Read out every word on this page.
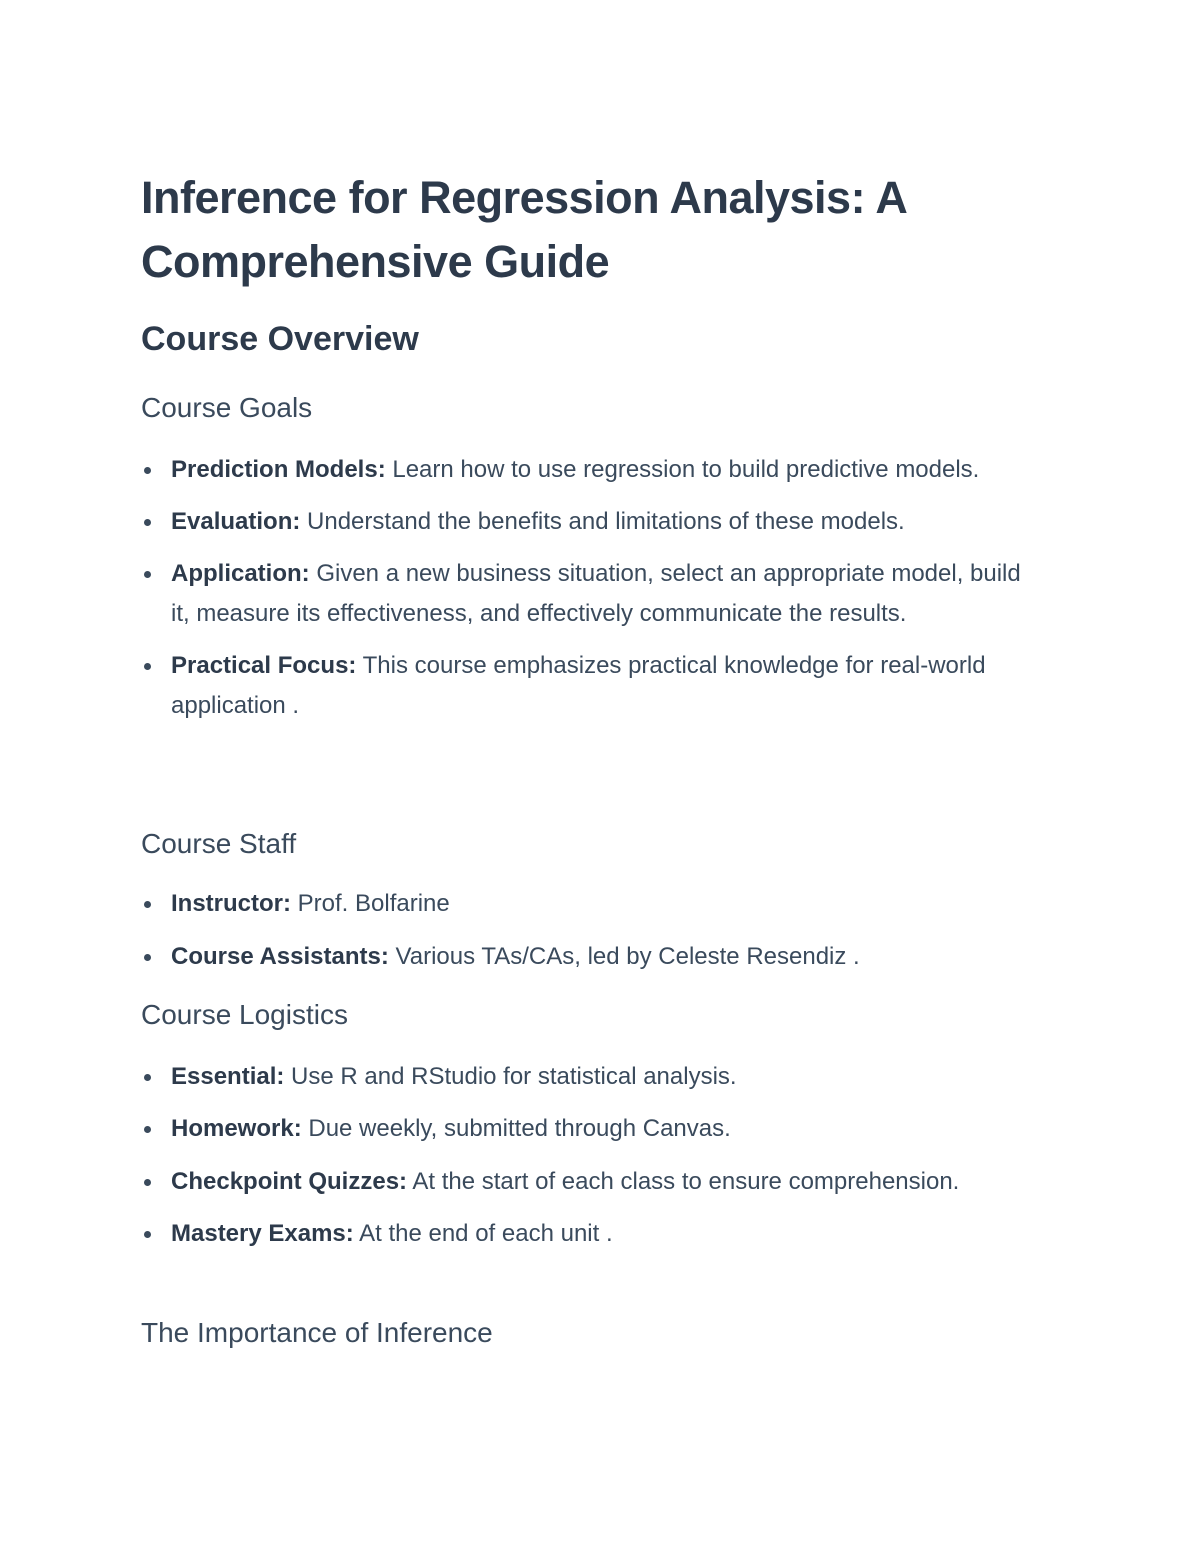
Inference for Regression Analysis: A Comprehensive Guide
Course Overview
Course Goals
Prediction Models: Learn how to use regression to build predictive models.
Evaluation: Understand the benefits and limitations of these models.
Application: Given a new business situation, select an appropriate model, build it, measure its effectiveness, and effectively communicate the results.
Practical Focus: This course emphasizes practical knowledge for real-world application .
Course Staff
Instructor: Prof. Bolfarine
Course Assistants: Various TAs/CAs, led by Celeste Resendiz .
Course Logistics
Essential: Use R and RStudio for statistical analysis.
Homework: Due weekly, submitted through Canvas.
Checkpoint Quizzes: At the start of each class to ensure comprehension.
Mastery Exams: At the end of each unit .
The Importance of Inference
